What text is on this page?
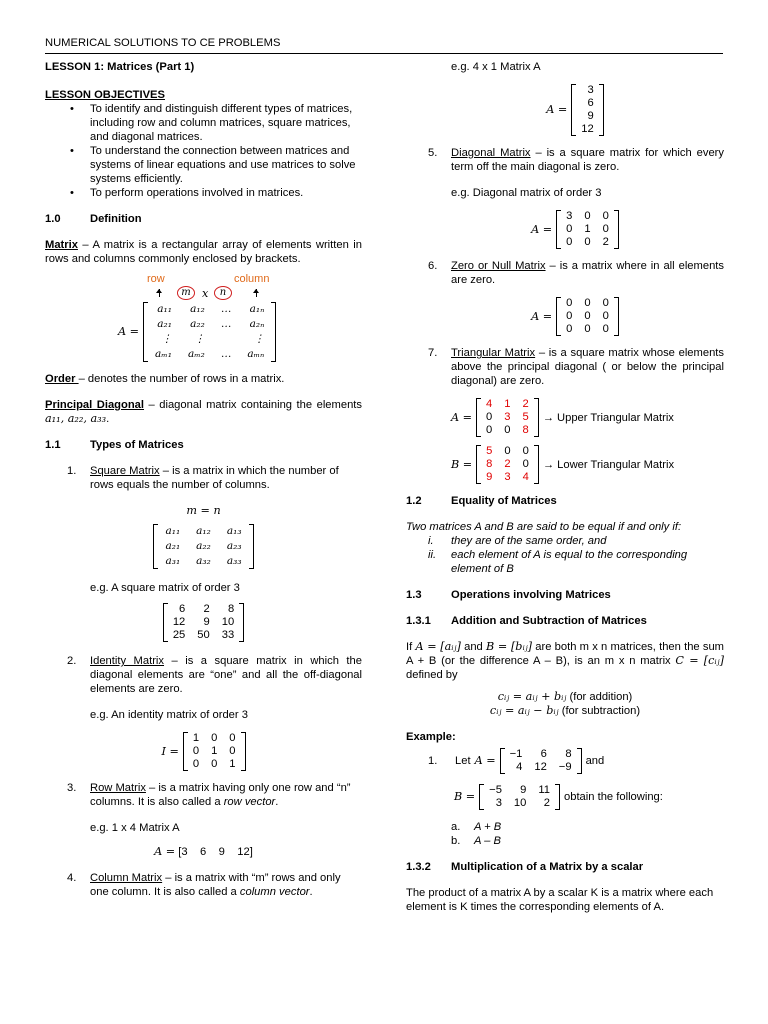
NUMERICAL SOLUTIONS TO CE PROBLEMS
LESSON 1: Matrices (Part 1)
LESSON OBJECTIVES
• To identify and distinguish different types of matrices, including row and column matrices, square matrices, and diagonal matrices.
• To understand the connection between matrices and systems of linear equations and use matrices to solve systems efficiently.
• To perform operations involved in matrices.
1.0	Definition
Matrix – A matrix is a rectangular array of elements written in rows and columns commonly enclosed by brackets.
row	column
m	x	n
A =
a₁₁	a₁₂	…	a₁ₙ
a₂₁	a₂₂	…	a₂ₙ
⋮	⋮		⋮
aₘ₁	aₘ₂	…	aₘₙ
Order – denotes the number of rows in a matrix.
Principal Diagonal – diagonal matrix containing the elements a₁₁, a₂₂, a₃₃.
1.1	Types of Matrices
1.	Square Matrix – is a matrix in which the number of rows equals the number of columns.
m = n
a₁₁	a₁₂	a₁₃
a₂₁	a₂₂	a₂₃
a₃₁	a₃₂	a₃₃
e.g. A square matrix of order 3
6	2	8
12	9	10
25	50	33
2.	Identity Matrix – is a square matrix in which the diagonal elements are “one” and all the off-diagonal elements are zero.
e.g. An identity matrix of order 3
I =
1	0	0
0	1	0
0	0	1
3.	Row Matrix – is a matrix having only one row and “n” columns. It is also called a row vector.
e.g. 1 x 4 Matrix A
A = [3    6    9    12]
4.	Column Matrix – is a matrix with “m” rows and only one column. It is also called a column vector.
e.g. 4 x 1 Matrix A
A =
3
6
9
12
5.	Diagonal Matrix – is a square matrix for which every term off the main diagonal is zero.
e.g. Diagonal matrix of order 3
A =
3	0	0
0	1	0
0	0	2
6.	Zero or Null Matrix – is a matrix where in all elements are zero.
A =
0	0	0
0	0	0
0	0	0
7.	Triangular Matrix – is a square matrix whose elements above the principal diagonal ( or below the principal diagonal) are zero.
A =
4	1	2
0	3	5
0	0	8
→ Upper Triangular Matrix
B =
5	0	0
8	2	0
9	3	4
→ Lower Triangular Matrix
1.2	Equality of Matrices
Two matrices A and B are said to be equal if and only if:
i.	they are of the same order, and
ii.	each element of A is equal to the corresponding element of B
1.3	Operations involving Matrices
1.3.1	Addition and Subtraction of Matrices
If A = [aᵢⱼ] and B = [bᵢⱼ] are both m x n matrices, then the sum A + B (or the difference A – B), is an m x n matrix C = [cᵢⱼ] defined by
cᵢⱼ = aᵢⱼ + bᵢⱼ (for addition)
cᵢⱼ = aᵢⱼ − bᵢⱼ (for subtraction)
Example:
1.	Let A = −1	6	8
4	12	−9 and
B = −5	9	11
3	10	2 obtain the following:
a.	A + B
b.	A – B
1.3.2	Multiplication of a Matrix by a scalar
The product of a matrix A by a scalar K is a matrix where each element is K times the corresponding elements of A.
